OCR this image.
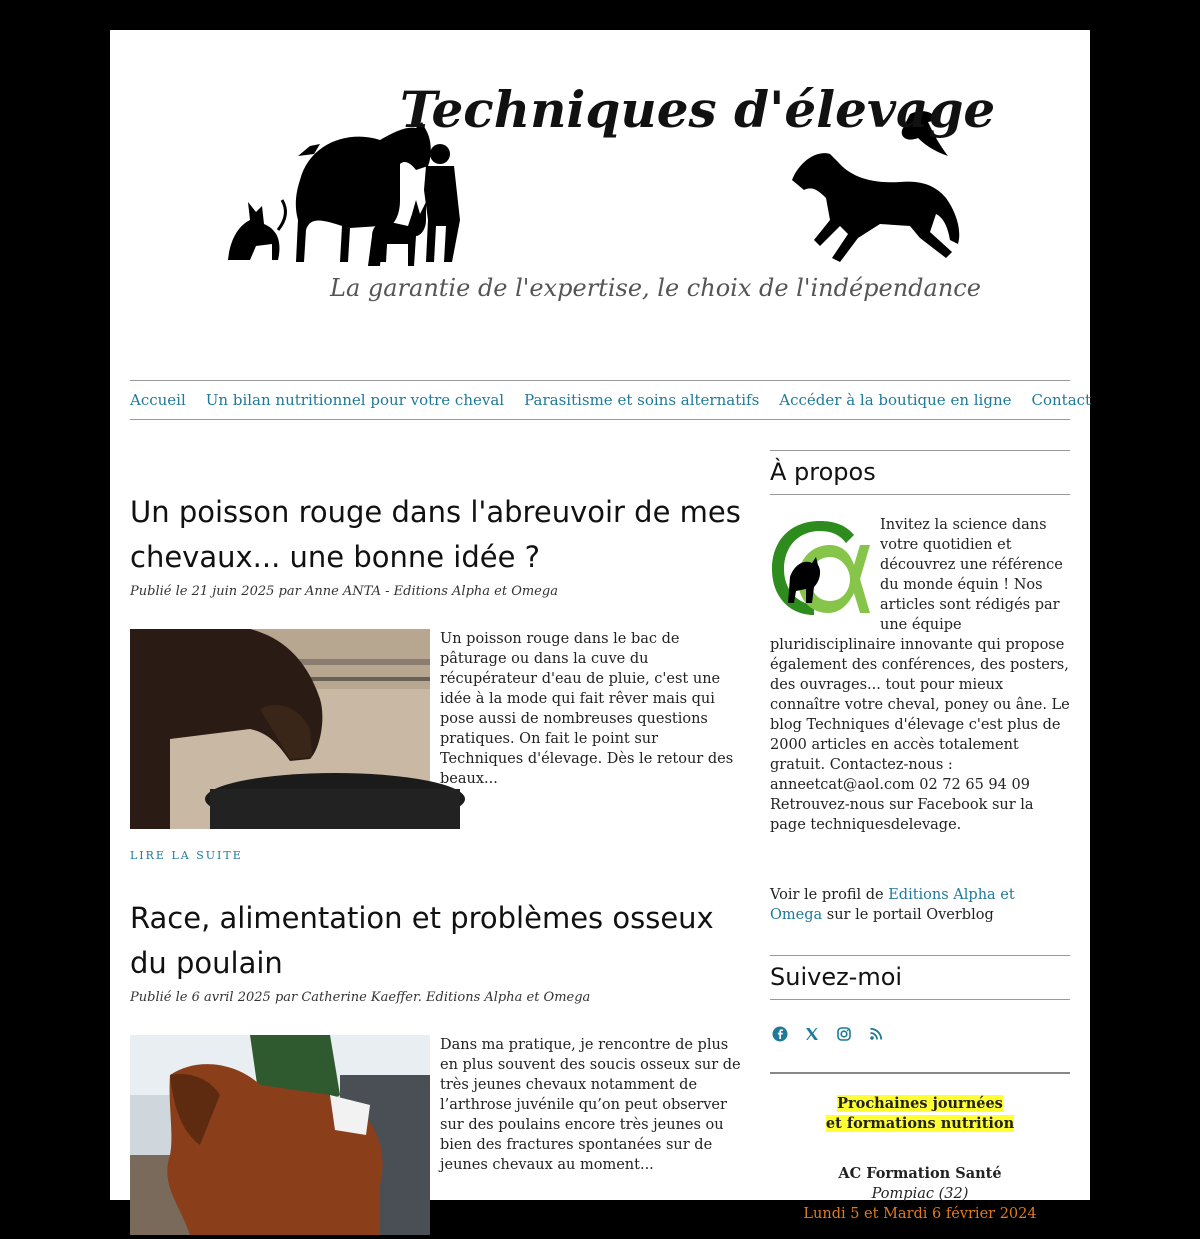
Techniques d'élevage
La garantie de l'expertise, le choix de l'indépendance
Accueil Un bilan nutritionnel pour votre cheval Parasitisme et soins alternatifs Accéder à la boutique en ligne Contact
Un poisson rouge dans l'abreuvoir de mes chevaux... une bonne idée ?
Publié le 21 juin 2025 par Anne ANTA - Editions Alpha et Omega
Un poisson rouge dans le bac de pâturage ou dans la cuve du récupérateur d'eau de pluie, c'est une idée à la mode qui fait rêver mais qui pose aussi de nombreuses questions pratiques. On fait le point sur Techniques d'élevage. Dès le retour des beaux...
LIRE LA SUITE
Race, alimentation et problèmes osseux du poulain
Publié le 6 avril 2025 par Catherine Kaeffer. Editions Alpha et Omega
Dans ma pratique, je rencontre de plus en plus souvent des soucis osseux sur de très jeunes chevaux notamment de l’arthrose juvénile qu’on peut observer sur des poulains encore très jeunes ou bien des fractures spontanées sur de jeunes chevaux au moment...
À propos
Invitez la science dans votre quotidien et découvrez une référence du monde équin ! Nos articles sont rédigés par une équipe pluridisciplinaire innovante qui propose également des conférences, des posters, des ouvrages... tout pour mieux connaître votre cheval, poney ou âne. Le blog Techniques d'élevage c'est plus de 2000 articles en accès totalement gratuit. Contactez-nous : anneetcat@aol.com 02 72 65 94 09 Retrouvez-nous sur Facebook sur la page techniquesdelevage.
Voir le profil de Editions Alpha et Omega sur le portail Overblog
Suivez-moi
Prochaines journées
et formations nutrition
AC Formation Santé
Pompiac (32)
Lundi 5 et Mardi 6 février 2024
